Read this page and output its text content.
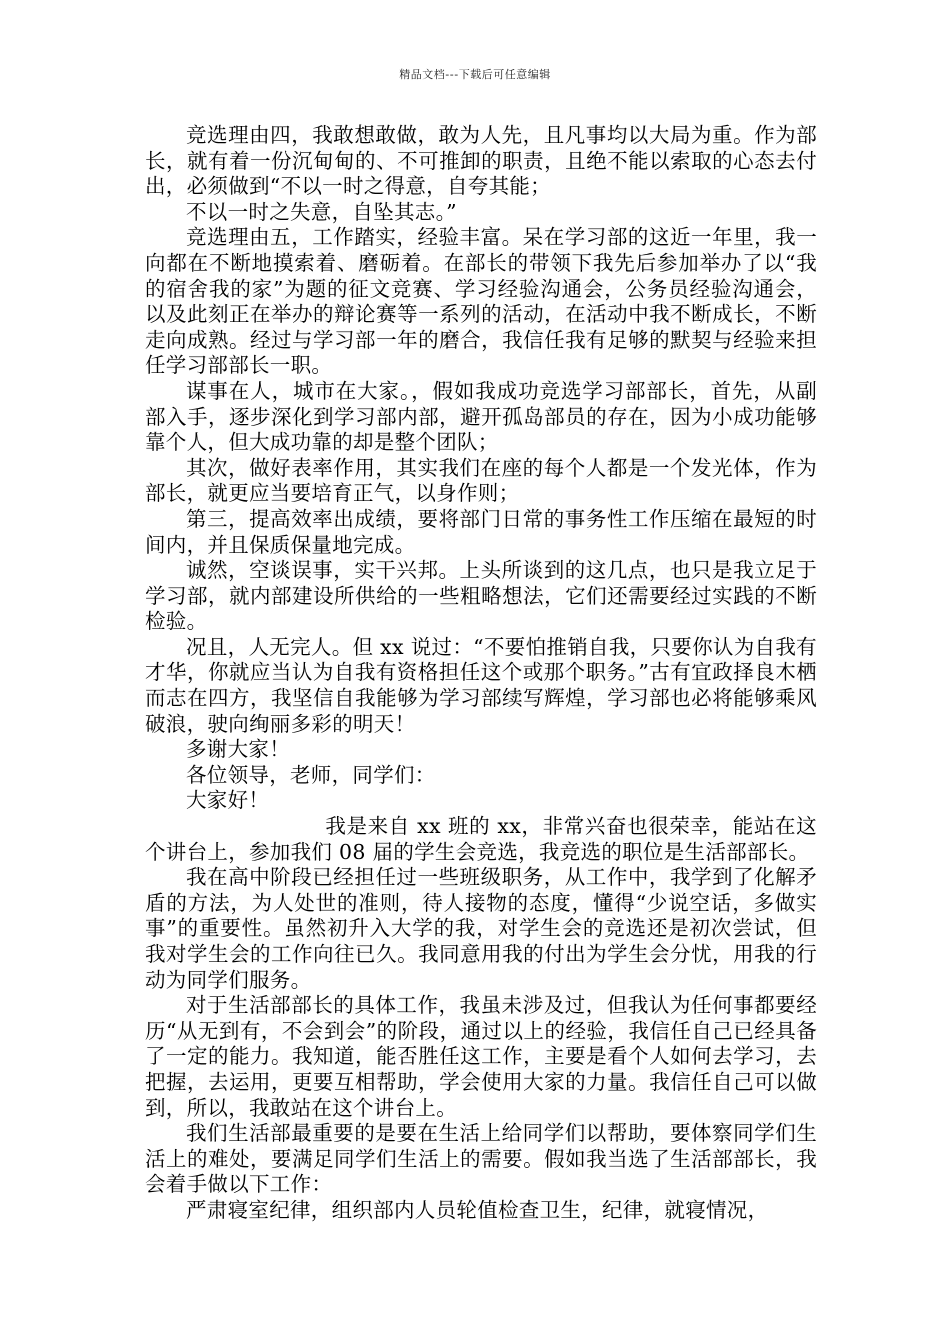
精品文档---下载后可任意编辑

竞选理由四，我敢想敢做，敢为人先，且凡事均以大局为重。作为部长，就有着一份沉甸甸的、不可推卸的职责，且绝不能以索取的心态去付出，必须做到“不以一时之得意，自夸其能；

不以一时之失意，自坠其志。”

竞选理由五，工作踏实，经验丰富。呆在学习部的这近一年里，我一向都在不断地摸索着、磨砺着。在部长的带领下我先后参加举办了以“我的宿舍我的家”为题的征文竞赛、学习经验沟通会，公务员经验沟通会，以及此刻正在举办的辩论赛等一系列的活动，在活动中我不断成长，不断走向成熟。经过与学习部一年的磨合，我信任我有足够的默契与经验来担任学习部部长一职。

谋事在人，城市在大家。，假如我成功竞选学习部部长，首先，从副部入手，逐步深化到学习部内部，避开孤岛部员的存在，因为小成功能够靠个人，但大成功靠的却是整个团队；

其次，做好表率作用，其实我们在座的每个人都是一个发光体，作为部长，就更应当要培育正气，以身作则；

第三，提高效率出成绩，要将部门日常的事务性工作压缩在最短的时间内，并且保质保量地完成。

诚然，空谈误事，实干兴邦。上头所谈到的这几点，也只是我立足于学习部，就内部建设所供给的一些粗略想法，它们还需要经过实践的不断检验。

况且，人无完人。但 xx 说过：“不要怕推销自我，只要你认为自我有才华，你就应当认为自我有资格担任这个或那个职务。”古有宜政择良木栖而志在四方，我坚信自我能够为学习部续写辉煌，学习部也必将能够乘风破浪，驶向绚丽多彩的明天！

多谢大家！

各位领导，老师，同学们：

大家好！

我是来自 xx 班的 xx，非常兴奋也很荣幸，能站在这个讲台上，参加我们 08 届的学生会竞选，我竞选的职位是生活部部长。

我在高中阶段已经担任过一些班级职务，从工作中，我学到了化解矛盾的方法，为人处世的准则，待人接物的态度，懂得“少说空话，多做实事”的重要性。虽然初升入大学的我，对学生会的竞选还是初次尝试，但我对学生会的工作向往已久。我同意用我的付出为学生会分忧，用我的行动为同学们服务。

对于生活部部长的具体工作，我虽未涉及过，但我认为任何事都要经历“从无到有，不会到会”的阶段，通过以上的经验，我信任自己已经具备了一定的能力。我知道，能否胜任这工作，主要是看个人如何去学习，去把握，去运用，更要互相帮助，学会使用大家的力量。我信任自己可以做到，所以，我敢站在这个讲台上。

我们生活部最重要的是要在生活上给同学们以帮助，要体察同学们生活上的难处，要满足同学们生活上的需要。假如我当选了生活部部长，我会着手做以下工作：

严肃寝室纪律，组织部内人员轮值检查卫生，纪律，就寝情况，
